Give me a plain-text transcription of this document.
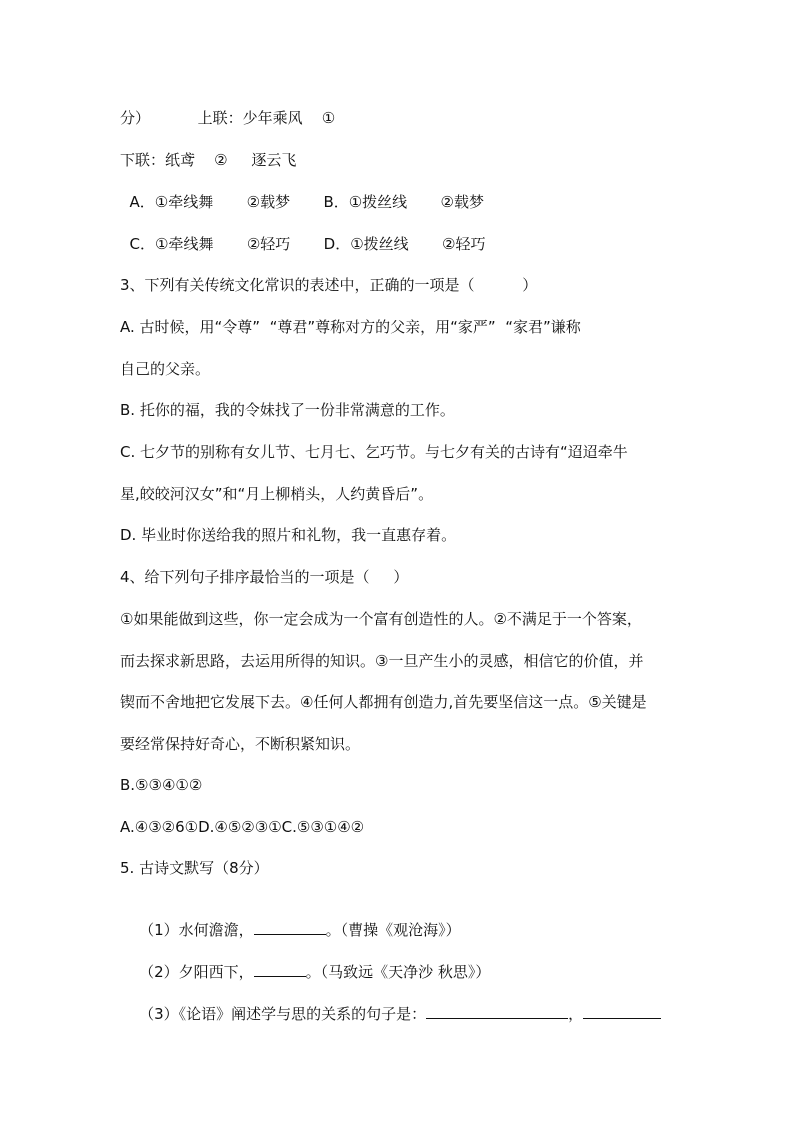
分）          上联：少年乘风    ①
下联：纸鸢    ②     逐云飞
A．①牵线舞       ②载梦       B．①拨丝线       ②载梦
C．①牵线舞       ②轻巧       D．①拨丝线       ②轻巧
3、下列有关传统文化常识的表述中，正确的一项是（          ）
A. 古时候，用“令尊”  “尊君”尊称对方的父亲，用“家严”  “家君”谦称
自己的父亲。
B. 托你的福，我的令妹找了一份非常满意的工作。
C. 七夕节的别称有女儿节、七月七、乞巧节。与七夕有关的古诗有“迢迢牵牛
星,皎皎河汉女”和“月上柳梢头，人约黄昏后”。
D. 毕业时你送给我的照片和礼物，我一直惠存着。
4、给下列句子排序最恰当的一项是（     ）
①如果能做到这些，你一定会成为一个富有创造性的人。②不满足于一个答案，
而去探求新思路，去运用所得的知识。③一旦产生小的灵感，相信它的价值，并
锲而不舍地把它发展下去。④任何人都拥有创造力,首先要坚信这一点。⑤关键是
要经常保持好奇心，不断积紧知识。
B.⑤③④①②
A.④③②6①D.④⑤②③①C.⑤③①④②
5. 古诗文默写（8分）

（1）水何澹澹，	。（曹操《观沧海》）

（2）夕阳西下，	。（马致远《天净沙 秋思》）

（3）《论语》阐述学与思的关系的句子是：	，
